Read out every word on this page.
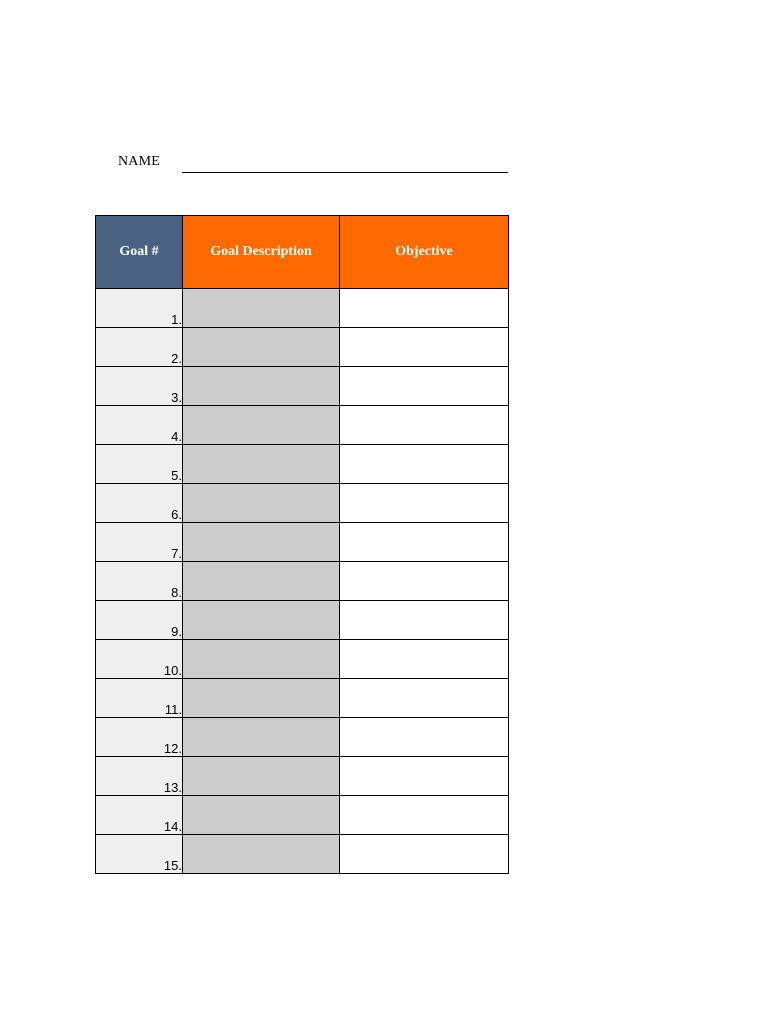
NAME
Goal #	Goal Description	Objective
1.		
2.		
3.		
4.		
5.		
6.		
7.		
8.		
9.		
10.		
11.		
12.		
13.		
14.		
15.		
